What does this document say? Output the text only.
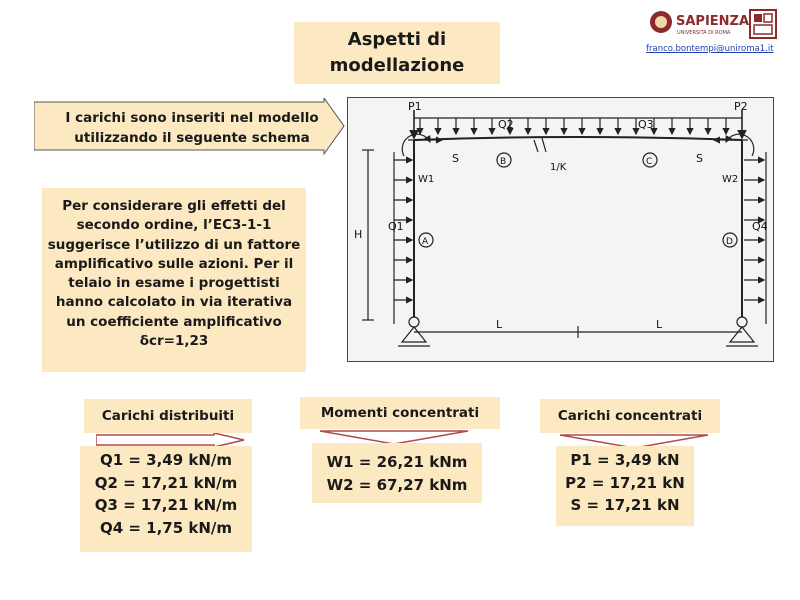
Aspetti di
modellazione
SAPIENZA
UNIVERSITÀ DI ROMA
franco.bontempi@uniroma1.it
I carichi sono inseriti nel modello
utilizzando il seguente schema
Per considerare gli effetti del
secondo ordine, l’EC3-1-1
suggerisce l’utilizzo di un fattore
amplificativo sulle azioni. Per il
telaio in esame i progettisti
hanno calcolato in via iterativa
un coefficiente amplificativo
δcr=1,23
P1	P2
Q2	Q3
Q1	Q4
W1	W2
S	S
1/K
H
L	L
A
B	C
D
Carichi distribuiti	Momenti concentrati	Carichi concentrati
Q1 = 3,49 kN/m
Q2 = 17,21 kN/m
Q3 = 17,21 kN/m
Q4 = 1,75 kN/m
W1 = 26,21 kNm
W2 = 67,27 kNm
P1 = 3,49 kN
P2 = 17,21 kN
S = 17,21 kN
